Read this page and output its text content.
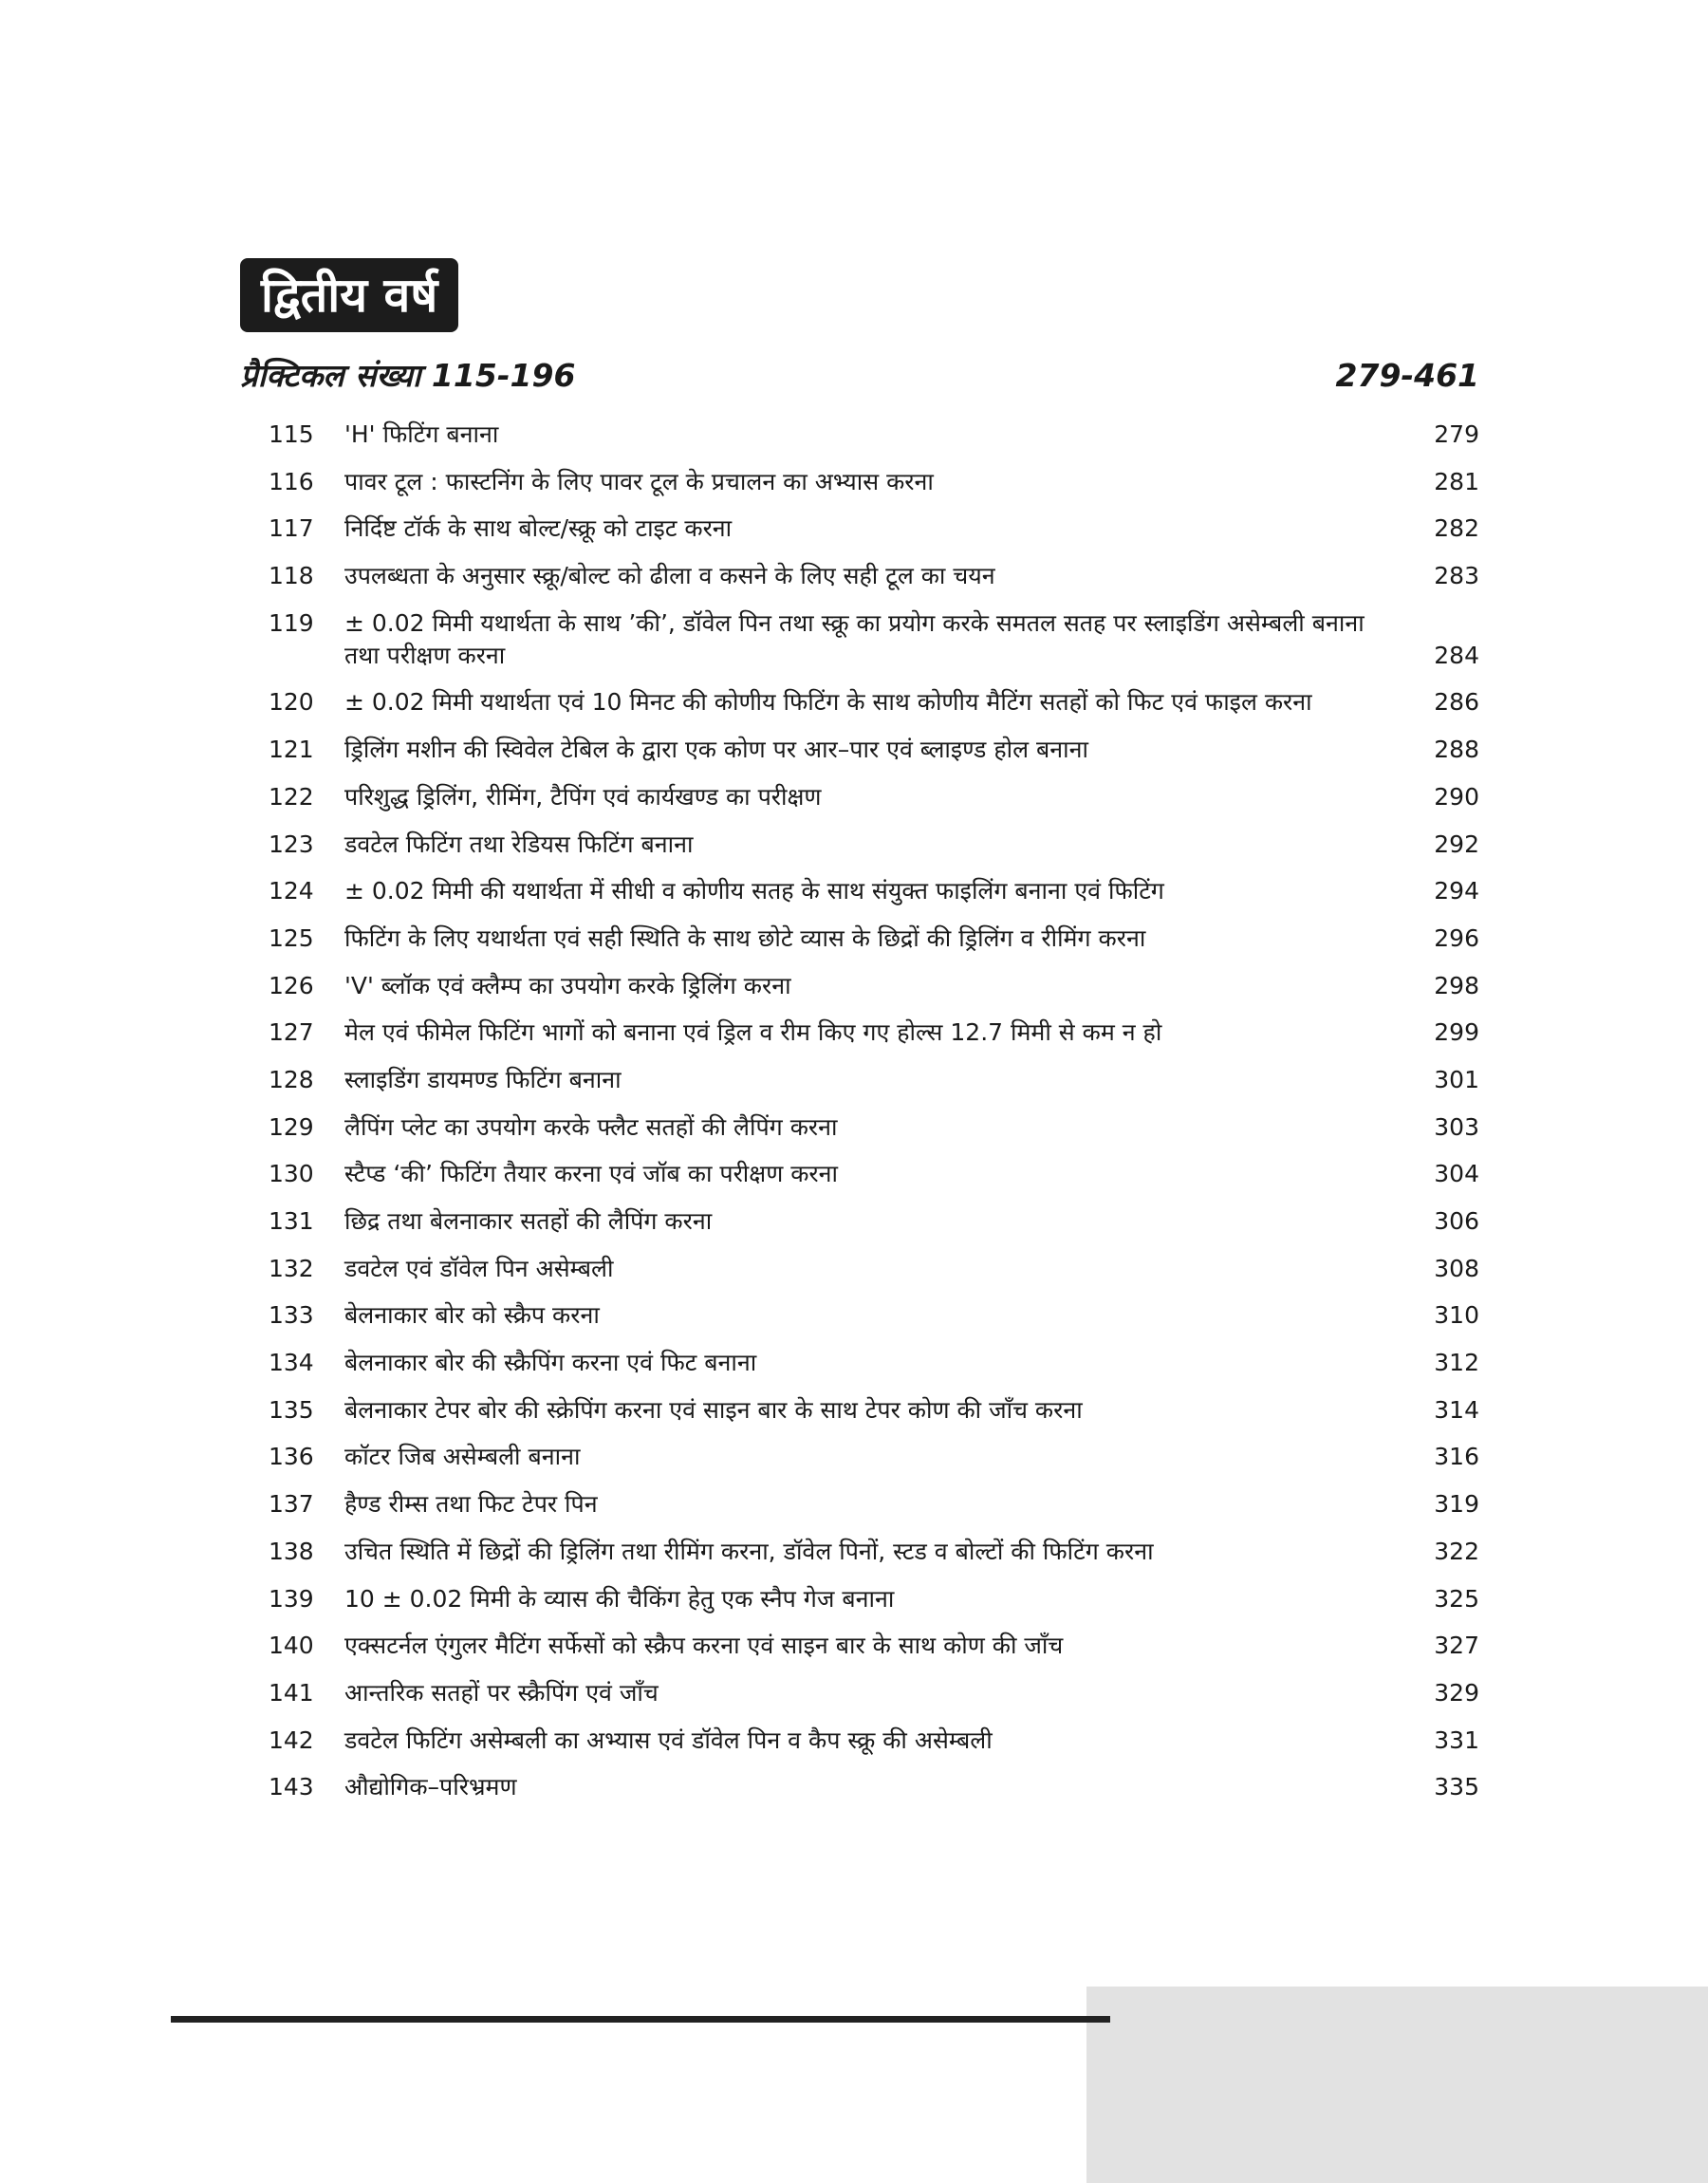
द्वितीय वर्ष
प्रैक्टिकल संख्या 115-196	279-461
115	'H' फिटिंग बनाना	279
116	पावर टूल : फास्टनिंग के लिए पावर टूल के प्रचालन का अभ्यास करना	281
117	निर्दिष्ट टॉर्क के साथ बोल्ट/स्क्रू को टाइट करना	282
118	उपलब्धता के अनुसार स्क्रू/बोल्ट को ढीला व कसने के लिए सही टूल का चयन	283
119	± 0.02 मिमी यथार्थता के साथ ’की’, डॉवेल पिन तथा स्क्रू का प्रयोग करके समतल सतह पर स्लाइडिंग असेम्बली बनाना तथा परीक्षण करना	284
120	± 0.02 मिमी यथार्थता एवं 10 मिनट की कोणीय फिटिंग के साथ कोणीय मैटिंग सतहों को फिट एवं फाइल करना	286
121	ड्रिलिंग मशीन की स्विवेल टेबिल के द्वारा एक कोण पर आर–पार एवं ब्लाइण्ड होल बनाना	288
122	परिशुद्ध ड्रिलिंग, रीमिंग, टैपिंग एवं कार्यखण्ड का परीक्षण	290
123	डवटेल फिटिंग तथा रेडियस फिटिंग बनाना	292
124	± 0.02 मिमी की यथार्थता में सीधी व कोणीय सतह के साथ संयुक्त फाइलिंग बनाना एवं फिटिंग	294
125	फिटिंग के लिए यथार्थता एवं सही स्थिति के साथ छोटे व्यास के छिद्रों की ड्रिलिंग व रीमिंग करना	296
126	'V' ब्लॉक एवं क्लैम्प का उपयोग करके ड्रिलिंग करना	298
127	मेल एवं फीमेल फिटिंग भागों को बनाना एवं ड्रिल व रीम किए गए होल्स 12.7 मिमी से कम न हो	299
128	स्लाइडिंग डायमण्ड फिटिंग बनाना	301
129	लैपिंग प्लेट का उपयोग करके फ्लैट सतहों की लैपिंग करना	303
130	स्टैप्ड ‘की’ फिटिंग तैयार करना एवं जॉब का परीक्षण करना	304
131	छिद्र तथा बेलनाकार सतहों की लैपिंग करना	306
132	डवटेल एवं डॉवेल पिन असेम्बली	308
133	बेलनाकार बोर को स्क्रैप करना	310
134	बेलनाकार बोर की स्क्रैपिंग करना एवं फिट बनाना	312
135	बेलनाकार टेपर बोर की स्क्रेपिंग करना एवं साइन बार के साथ टेपर कोण की जाँच करना	314
136	कॉटर जिब असेम्बली बनाना	316
137	हैण्ड रीम्स तथा फिट टेपर पिन	319
138	उचित स्थिति में छिद्रों की ड्रिलिंग तथा रीमिंग करना, डॉवेल पिनों, स्टड व बोल्टों की फिटिंग करना	322
139	10 ± 0.02 मिमी के व्यास की चैकिंग हेतु एक स्नैप गेज बनाना	325
140	एक्सटर्नल एंगुलर मैटिंग सर्फेसों को स्क्रैप करना एवं साइन बार के साथ कोण की जाँच	327
141	आन्तरिक सतहों पर स्क्रैपिंग एवं जाँच	329
142	डवटेल फिटिंग असेम्बली का अभ्यास एवं डॉवेल पिन व कैप स्क्रू की असेम्बली	331
143	औद्योगिक–परिभ्रमण	335
